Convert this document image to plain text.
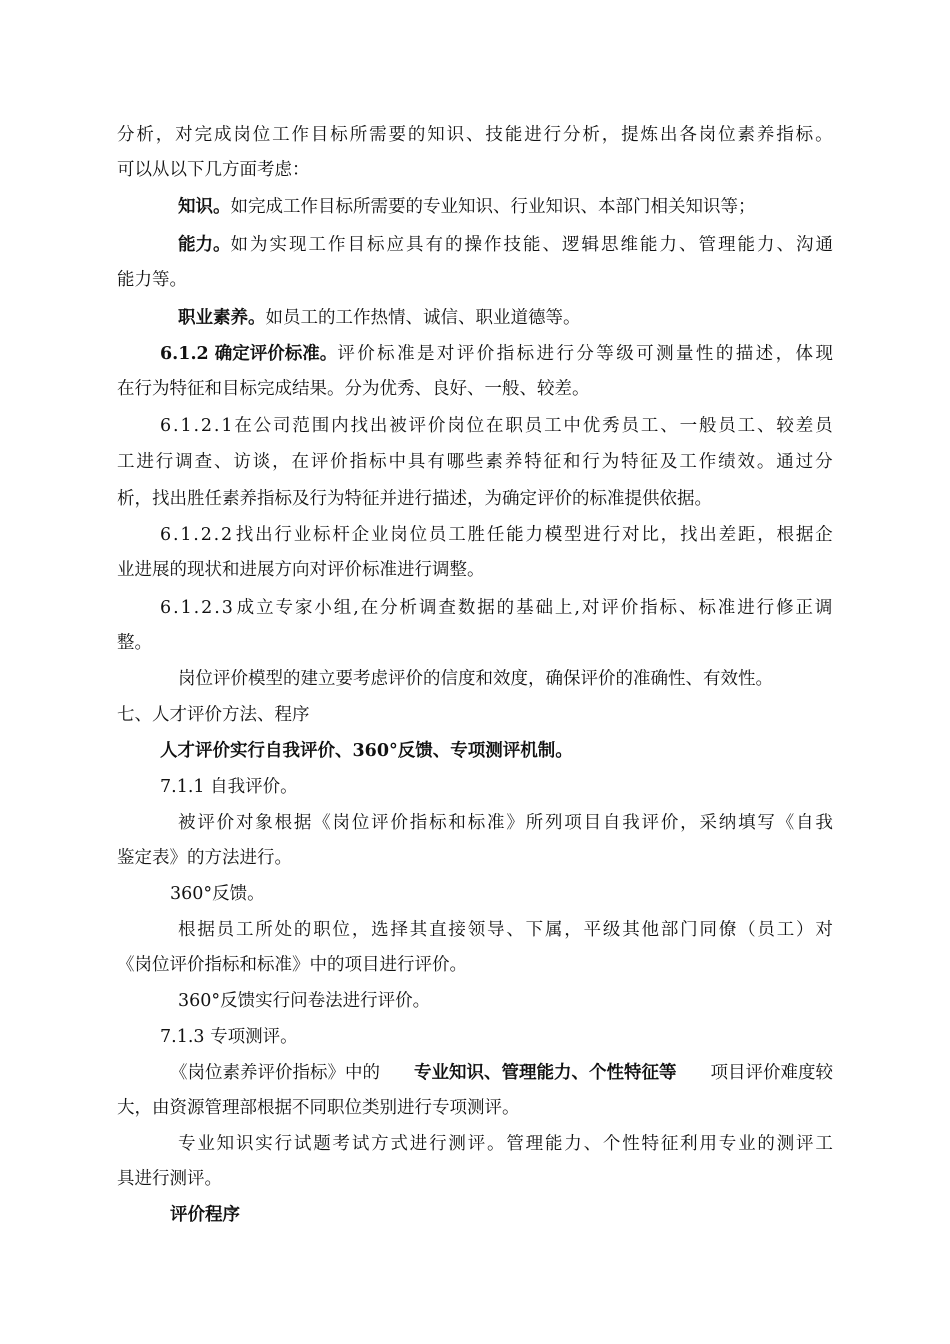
分 析 ， 对 完 成 岗 位 工 作 目 标 所 需 要 的 知 识 、 技 能 进 行 分 析 ， 提 炼 出 各 岗 位 素 养 指 标 。
可以从以下几方面考虑：
知识。如完成工作目标所需要的专业知识、行业知识、本部门相关知识等；
能力。 如 为 实 现 工 作 目 标 应 具 有 的 操 作 技 能 、 逻 辑 思 维 能 力 、 管 理 能 力 、 沟 通
能力等。
职业素养。如员工的工作热情、诚信、职业道德等。
6.1.2 确定评价标准。 评 价 标 准 是 对 评 价 指 标 进 行 分 等 级 可 测 量 性 的 描 述 ， 体 现
在行为特征和目标完成结果。分为优秀、良好、一般、较差。
6 . 1 . 2 . 1 在 公 司 范 围 内 找 出 被 评 价 岗 位 在 职 员 工 中 优 秀 员 工 、 一 般 员 工 、 较 差 员
工 进 行 调 查 、 访 谈 ， 在 评 价 指 标 中 具 有 哪 些 素 养 特 征 和 行 为 特 征 及 工 作 绩 效 。 通 过 分
析，找出胜任素养指标及行为特征并进行描述，为确定评价的标准提供依据。
6 . 1 . 2 . 2 找 出 行 业 标 杆 企 业 岗 位 员 工 胜 任 能 力 模 型 进 行 对 比 ， 找 出 差 距 ， 根 据 企
业进展的现状和进展方向对评价标准进行调整。
6 . 1 . 2 . 3 成 立 专 家 小 组 , 在 分 析 调 查 数 据 的 基 础 上 , 对 评 价 指 标 、 标 准 进 行 修 正 调
整。
岗位评价模型的建立要考虑评价的信度和效度，确保评价的准确性、有效性。
七、人才评价方法、程序
人才评价实行自我评价、360°反馈、专项测评机制。
7.1.1 自我评价。
被 评 价 对 象 根 据 《 岗 位 评 价 指 标 和 标 准 》 所 列 项 目 自 我 评 价 ， 采 纳 填 写 《 自 我
鉴定表》的方法进行。
360°反馈。
根 据 员 工 所 处 的 职 位 ， 选 择 其 直 接 领 导 、 下 属 ， 平 级 其 他 部 门 同 僚 （ 员 工 ） 对
《岗位评价指标和标准》中的项目进行评价。
360°反馈实行问卷法进行评价。
7.1.3 专项测评。
《岗位素养评价指标》中的 专业知识、管理能力、个性特征等 项目评价难度较
大，由资源管理部根据不同职位类别进行专项测评。
专 业 知 识 实 行 试 题 考 试 方 式 进 行 测 评 。 管 理 能 力 、 个 性 特 征 利 用 专 业 的 测 评 工
具进行测评。
评价程序
